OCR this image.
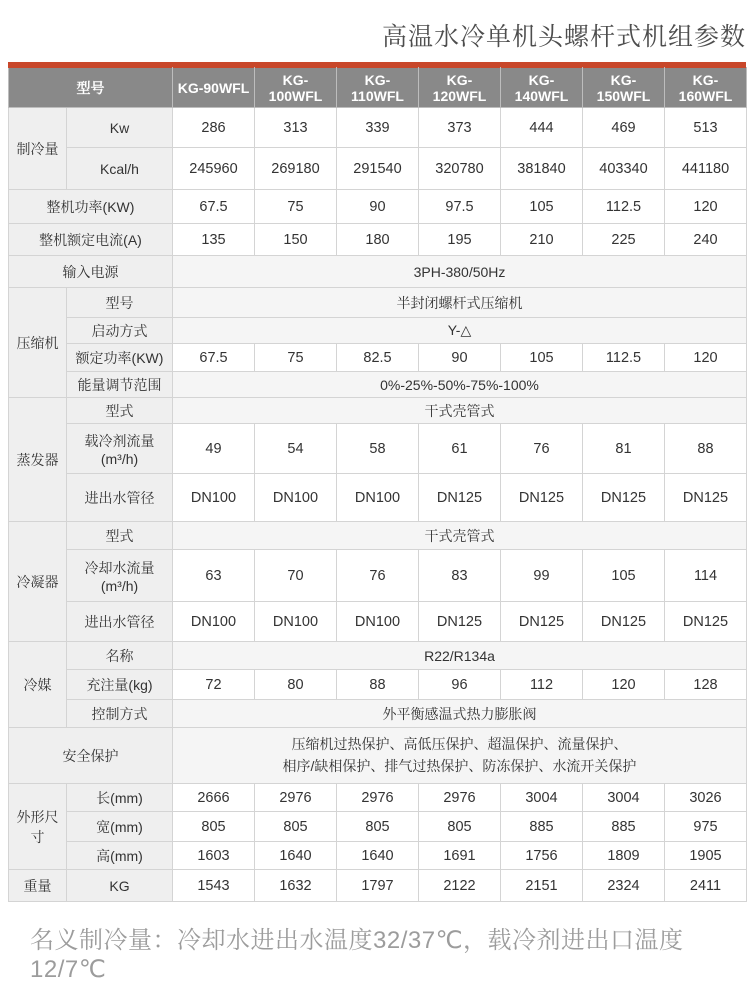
高温水冷单机头螺杆式机组参数
型号		KG-90WFL	KG-100WFL	KG-110WFL	KG-120WFL	KG-140WFL	KG-150WFL	KG-160WFL
制冷量	Kw	286	313	339	373	444	469	513
	Kcal/h	245960	269180	291540	320780	381840	403340	441180
整机功率(KW)		67.5	75	90	97.5	105	112.5	120
整机额定电流(A)		135	150	180	195	210	225	240
输入电源		3PH-380/50Hz						
压缩机	型号	半封闭螺杆式压缩机						
	启动方式	Y-△						
	额定功率(KW)	67.5	75	82.5	90	105	112.5	120
	能量调节范围	0%-25%-50%-75%-100%						
蒸发器	型式	干式壳管式						
	载冷剂流量(m³/h)	49	54	58	61	76	81	88
	进出水管径	DN100	DN100	DN100	DN125	DN125	DN125	DN125
冷凝器	型式	干式壳管式						
	冷却水流量(m³/h)	63	70	76	83	99	105	114
	进出水管径	DN100	DN100	DN100	DN125	DN125	DN125	DN125
冷媒	名称	R22/R134a						
	充注量(kg)	72	80	88	96	112	120	128
	控制方式	外平衡感温式热力膨胀阀						
安全保护		压缩机过热保护、高低压保护、超温保护、流量保护、
相序/缺相保护、排气过热保护、防冻保护、水流开关保护						

外形尺寸	长(mm)	2666	2976	2976	2976	3004	3004	3026
	宽(mm)	805	805	805	805	885	885	975
	高(mm)	1603	1640	1640	1691	1756	1809	1905
重量	KG	1543	1632	1797	2122	2151	2324	2411
名义制冷量：冷却水进出水温度32/37℃，载冷剂进出口温度12/7℃
